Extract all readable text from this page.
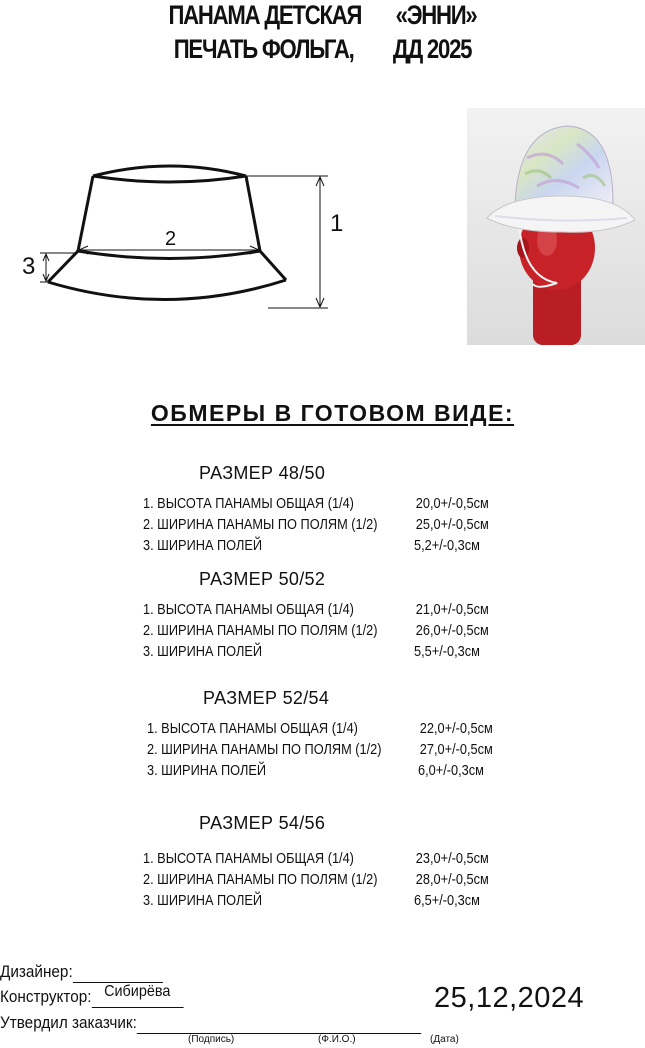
ПАНАМА ДЕТСКАЯ «ЭННИ»
ПЕЧАТЬ ФОЛЬГА, ДД 2025
1
2
3
ОБМЕРЫ В ГОТОВОМ ВИДЕ:
РАЗМЕР 48/50
1. ВЫСОТА ПАНАМЫ ОБЩАЯ (1/4)	20,0+/-0,5см
2. ШИРИНА ПАНАМЫ ПО ПОЛЯМ (1/2)	25,0+/-0,5см
3. ШИРИНА ПОЛЕЙ	5,2+/-0,3см
РАЗМЕР 50/52
1. ВЫСОТА ПАНАМЫ ОБЩАЯ (1/4)	21,0+/-0,5см
2. ШИРИНА ПАНАМЫ ПО ПОЛЯМ (1/2)	26,0+/-0,5см
3. ШИРИНА ПОЛЕЙ	5,5+/-0,3см
РАЗМЕР 52/54
1. ВЫСОТА ПАНАМЫ ОБЩАЯ (1/4)	22,0+/-0,5см
2. ШИРИНА ПАНАМЫ ПО ПОЛЯМ (1/2)	27,0+/-0,5см
3. ШИРИНА ПОЛЕЙ	6,0+/-0,3см
РАЗМЕР 54/56
1. ВЫСОТА ПАНАМЫ ОБЩАЯ (1/4)	23,0+/-0,5см
2. ШИРИНА ПАНАМЫ ПО ПОЛЯМ (1/2)	28,0+/-0,5см
3. ШИРИНА ПОЛЕЙ	6,5+/-0,3см
Дизайнер:
Конструктор: Сибирёва
Утвердил заказчик:
(Подпись)	(Ф.И.О.)	(Дата)
25,12,2024
